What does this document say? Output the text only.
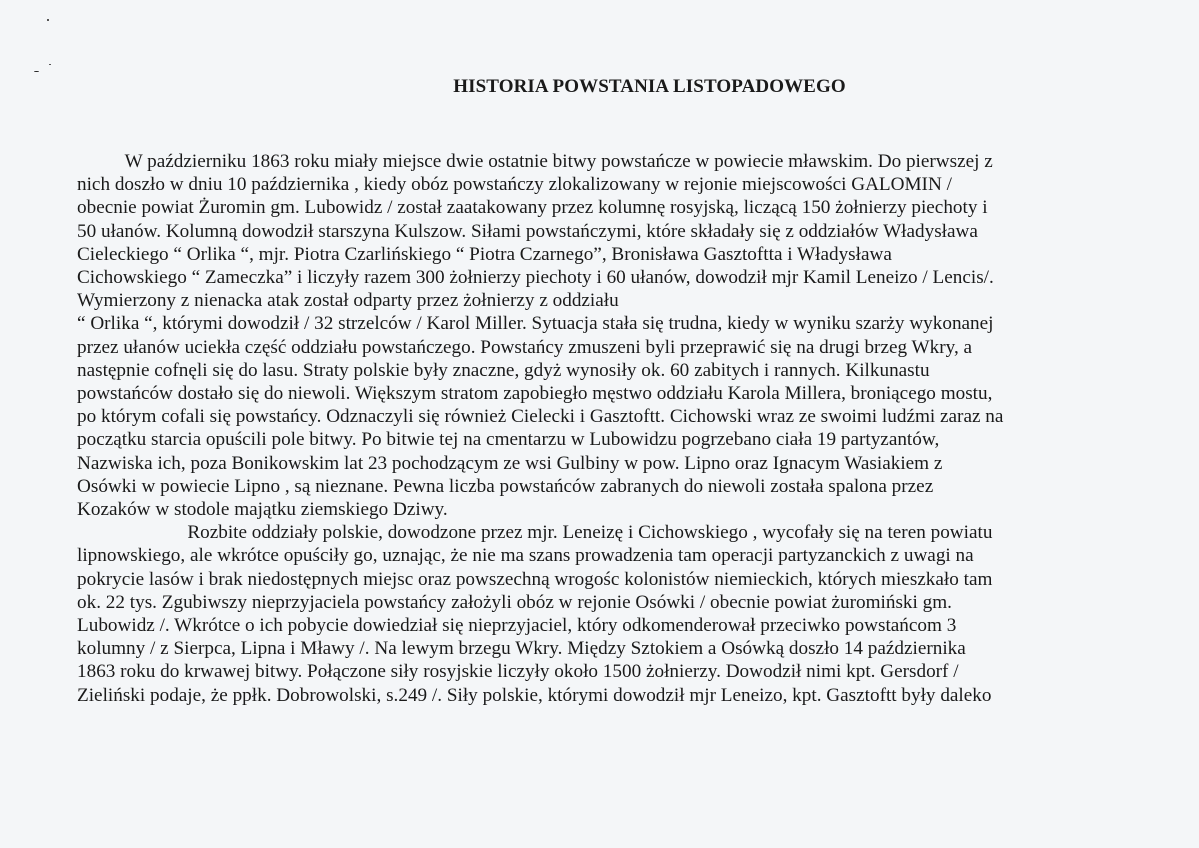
HISTORIA POWSTANIA LISTOPADOWEGO
W październiku 1863 roku miały miejsce dwie ostatnie bitwy powstańcze w powiecie mławskim. Do pierwszej z
nich doszło w dniu 10 października , kiedy obóz powstańczy zlokalizowany w rejonie miejscowości GALOMIN /
obecnie powiat Żuromin gm. Lubowidz / został zaatakowany przez kolumnę rosyjską, liczącą 150 żołnierzy piechoty i
50 ułanów. Kolumną dowodził starszyna Kulszow. Siłami powstańczymi, które składały się z oddziałów Władysława
Cieleckiego “ Orlika “, mjr. Piotra Czarlińskiego “ Piotra Czarnego”, Bronisława Gasztoftta i Władysława
Cichowskiego “ Zameczka” i liczyły razem 300 żołnierzy piechoty i 60 ułanów, dowodził mjr Kamil Leneizo / Lencis/.
Wymierzony z nienacka atak został odparty przez żołnierzy z oddziału
“ Orlika “, którymi dowodził / 32 strzelców / Karol Miller. Sytuacja stała się trudna, kiedy w wyniku szarży wykonanej
przez ułanów uciekła część oddziału powstańczego. Powstańcy zmuszeni byli przeprawić się na drugi brzeg Wkry, a
następnie cofnęli się do lasu. Straty polskie były znaczne, gdyż wynosiły ok. 60 zabitych i rannych. Kilkunastu
powstańców dostało się do niewoli. Większym stratom zapobiegło męstwo oddziału Karola Millera, broniącego mostu,
po którym cofali się powstańcy. Odznaczyli się również Cielecki i Gasztoftt. Cichowski wraz ze swoimi ludźmi zaraz na
początku starcia opuścili pole bitwy. Po bitwie tej na cmentarzu w Lubowidzu pogrzebano ciała 19 partyzantów,
Nazwiska ich, poza Bonikowskim lat 23 pochodzącym ze wsi Gulbiny w pow. Lipno oraz Ignacym Wasiakiem z
Osówki w powiecie Lipno , są nieznane. Pewna liczba powstańców zabranych do niewoli została spalona przez
Kozaków w stodole majątku ziemskiego Dziwy.
Rozbite oddziały polskie, dowodzone przez mjr. Leneizę i Cichowskiego , wycofały się na teren powiatu
lipnowskiego, ale wkrótce opuściły go, uznając, że nie ma szans prowadzenia tam operacji partyzanckich z uwagi na
pokrycie lasów i brak niedostępnych miejsc oraz powszechną wrogośc kolonistów niemieckich, których mieszkało tam
ok. 22 tys. Zgubiwszy nieprzyjaciela powstańcy założyli obóz w rejonie Osówki / obecnie powiat żuromiński gm.
Lubowidz /. Wkrótce o ich pobycie dowiedział się nieprzyjaciel, który odkomenderował przeciwko powstańcom 3
kolumny / z Sierpca, Lipna i Mławy /. Na lewym brzegu Wkry. Między Sztokiem a Osówką doszło 14 października
1863 roku do krwawej bitwy. Połączone siły rosyjskie liczyły około 1500 żołnierzy. Dowodził nimi kpt. Gersdorf /
Zieliński podaje, że ppłk. Dobrowolski, s.249 /. Siły polskie, którymi dowodził mjr Leneizo, kpt. Gasztoftt były daleko
